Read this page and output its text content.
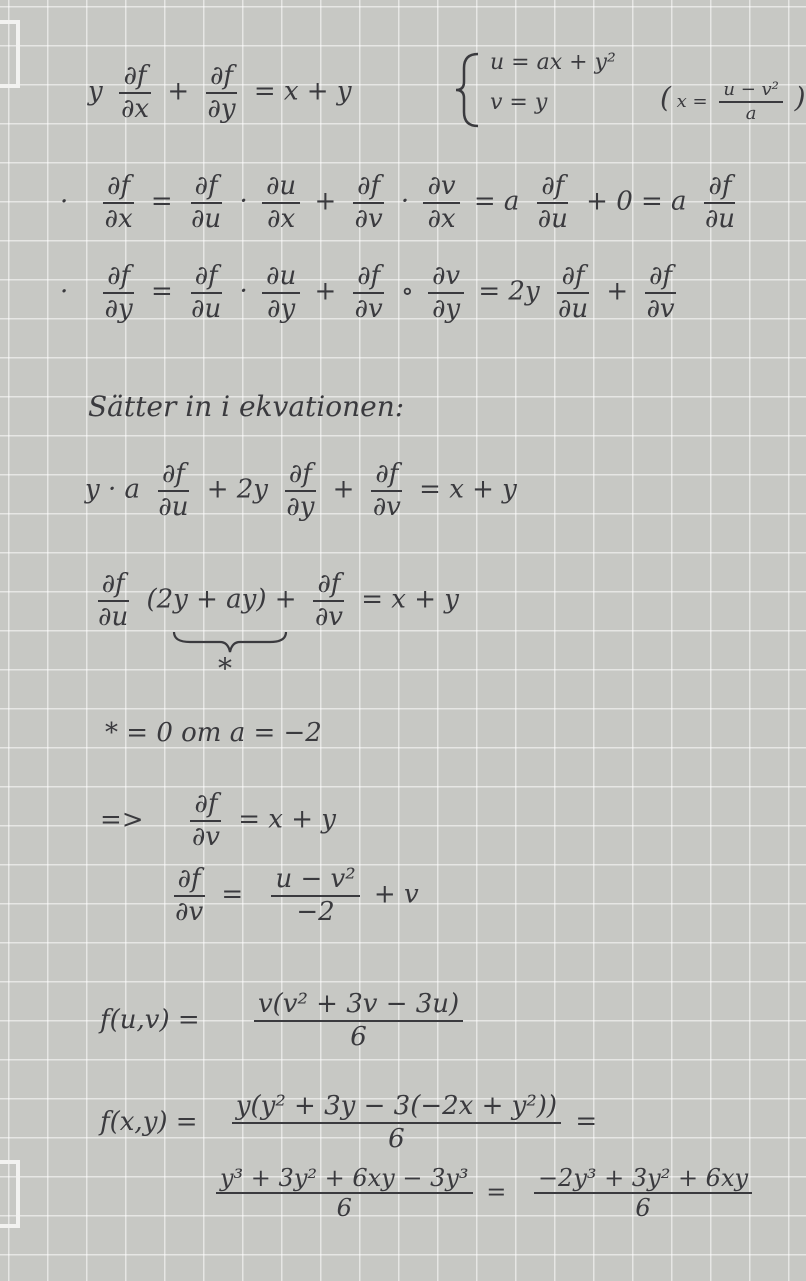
y $\frac{\partial f}{\partial x} + \frac{\partial f}{\partial y} = x + y$
u = ax + y²
v = y	( $x = \frac{\text{u − v²}}{a}$ )
· $\frac{\partial f}{\partial x} = \frac{\partial f}{\partial u} \cdot \frac{\partial u}{\partial x} + \frac{\partial f}{\partial v} \cdot \frac{\partial v}{\partial x} = a \frac{\partial f}{\partial u} + 0 = a \frac{\partial f}{\partial u}$
· $\frac{\partial f}{\partial y} = \frac{\partial f}{\partial u} \cdot \frac{\partial u}{\partial y} + \frac{\partial f}{\partial v}$ ∘ $\frac{\partial v}{\partial y} = 2y \frac{\partial f}{\partial u} + \frac{\partial f}{\partial v}$
Sätter in i ekvationen:
y · a $\frac{\partial f}{\partial u} + 2y \frac{\partial f}{\partial y} + \frac{\partial f}{\partial v} = x + y$
$\frac{\partial f}{\partial u} (2y + ay) + \frac{\partial f}{\partial v} = x + y$
*
* = 0 om a = −2
=> $\frac{\partial f}{\partial v} = x + y$
$\frac{\partial f}{\partial v} = \frac{\text{u − v²}}{-2} + v$
$f(u,v) = \frac{\text{v(v² + 3v − 3u)}}{6}$
$f(x,y) = \frac{\text{y(y² + 3y − 3(−2x + y²))}}{6}$ =
$\frac{\text{y³ + 3y² + 6xy − 3y³}}{6} = \frac{\text{−2y³ + 3y² + 6xy}}{6}$
